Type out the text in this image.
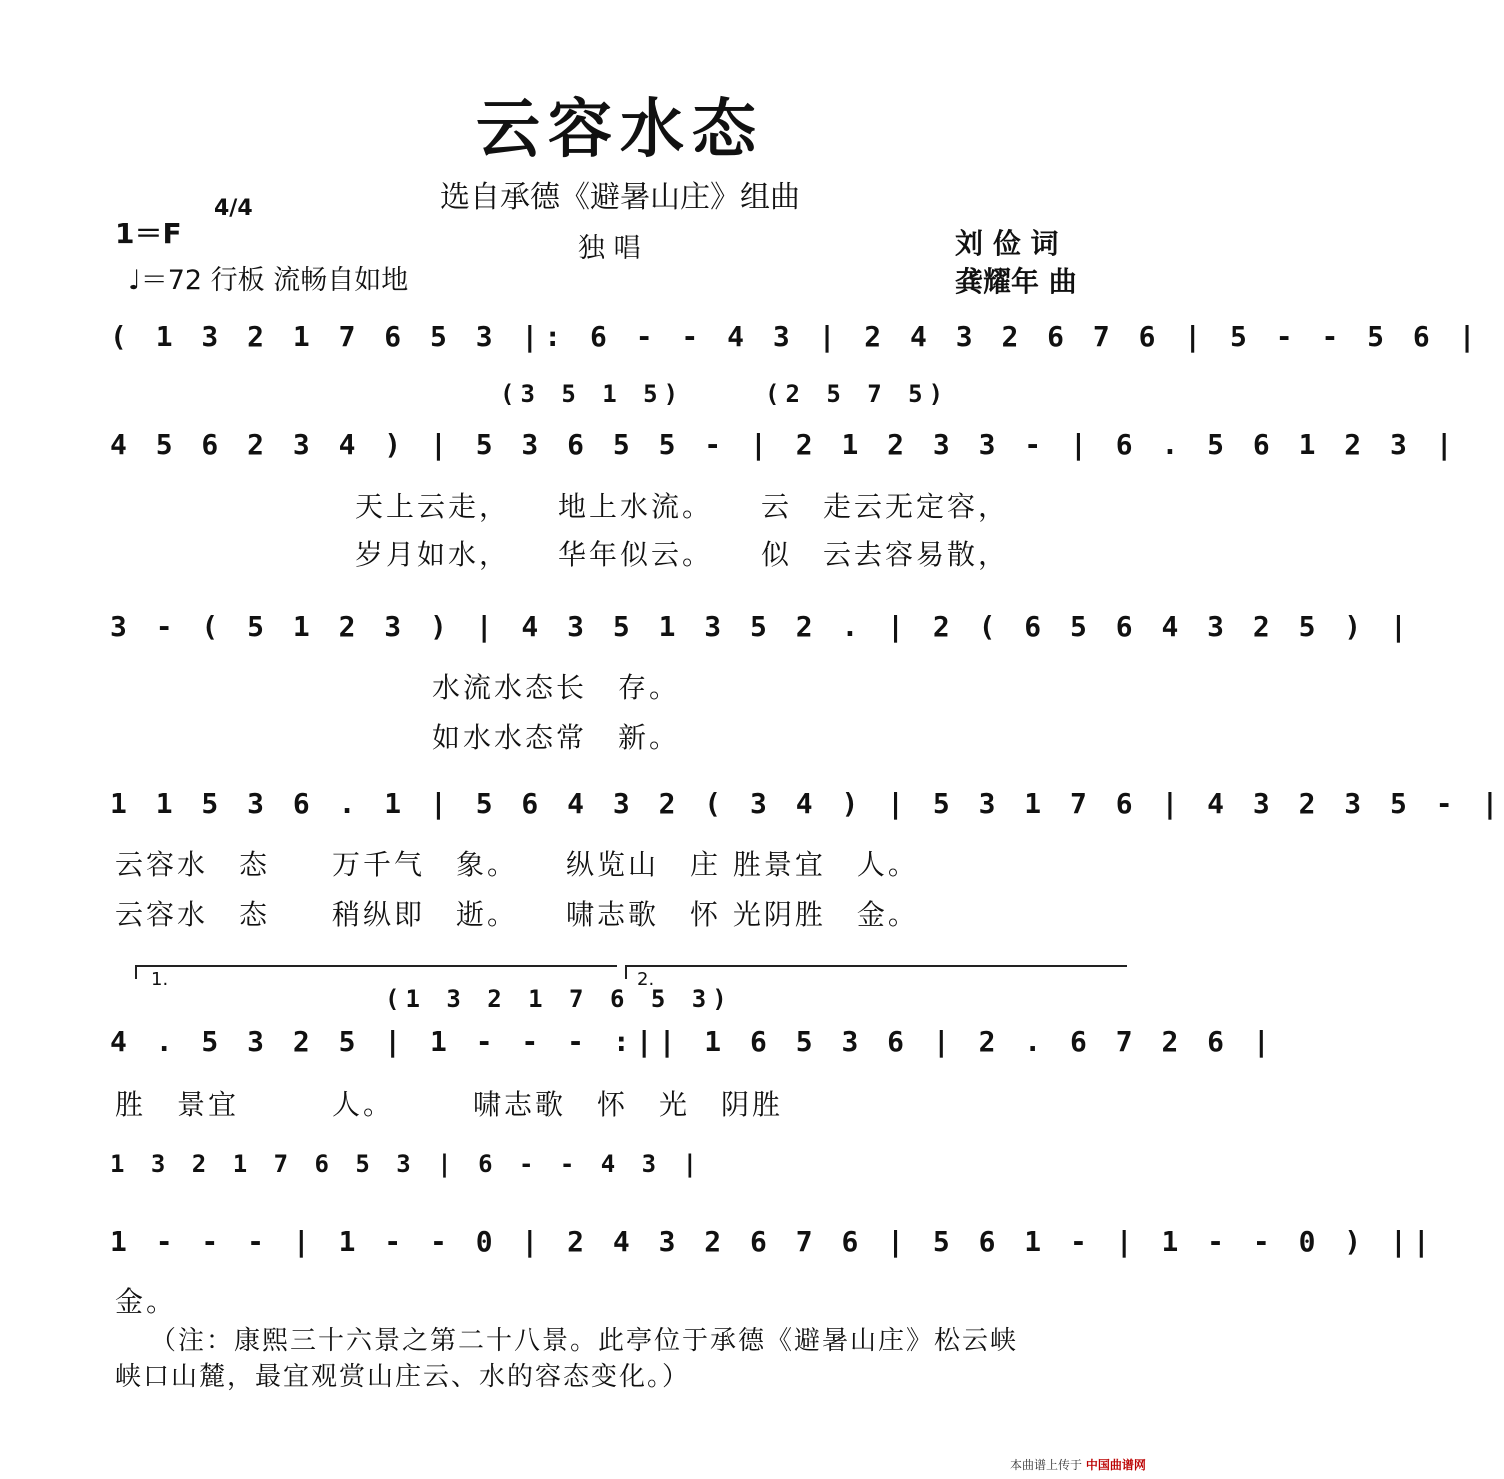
云容水态
选自承德《避暑山庄》组曲
1＝F
4/4
♩＝72 行板 流畅自如地
独 唱	刘 俭 词
龚耀年 曲
( 1 3 2 1 7 6 5 3 |: 6 - - 4 3 | 2 4 3 2 6 7 6 | 5 - - 5 6 |
(3 5 1 5)	(2 5 7 5)
4 5 6 2 3 4 ) | 5 3 6 5 5 - | 2 1 2 3 3 - | 6 . 5 6 1 2 3 |
天上云走，　　地上水流。　　云　走云无定容，
岁月如水，　　华年似云。　　似　云去容易散，
3 - ( 5 1 2 3 ) | 4 3 5 1 3 5 2 . | 2 ( 6 5 6 4 3 2 5 ) |
水流水态长　存。
如水水态常　新。
1 1 5 3 6 . 1 | 5 6 4 3 2 ( 3 4 ) | 5 3 1 7 6 | 4 3 2 3 5 - |
云容水　态　　万千气　象。　　纵览山　庄 胜景宜　人。
云容水　态　　稍纵即　逝。　　啸志歌　怀 光阴胜　金。
1.	2.
(1 3 2 1 7 6 5 3)
4 . 5 3 2 5 | 1 - - - :|| 1 6 5 3 6 | 2 . 6 7 2 6 |
胜　景宜　　　人。　　　啸志歌　怀　光　阴胜
1 3 2 1 7 6 5 3 | 6 - - 4 3 |
1 - - - | 1 - - 0 | 2 4 3 2 6 7 6 | 5 6 1 - | 1 - - 0 ) ||
金。
（注：康熙三十六景之第二十八景。此亭位于承德《避暑山庄》松云峡
峡口山麓，最宜观赏山庄云、水的容态变化。）
本曲谱上传于 中国曲谱网
